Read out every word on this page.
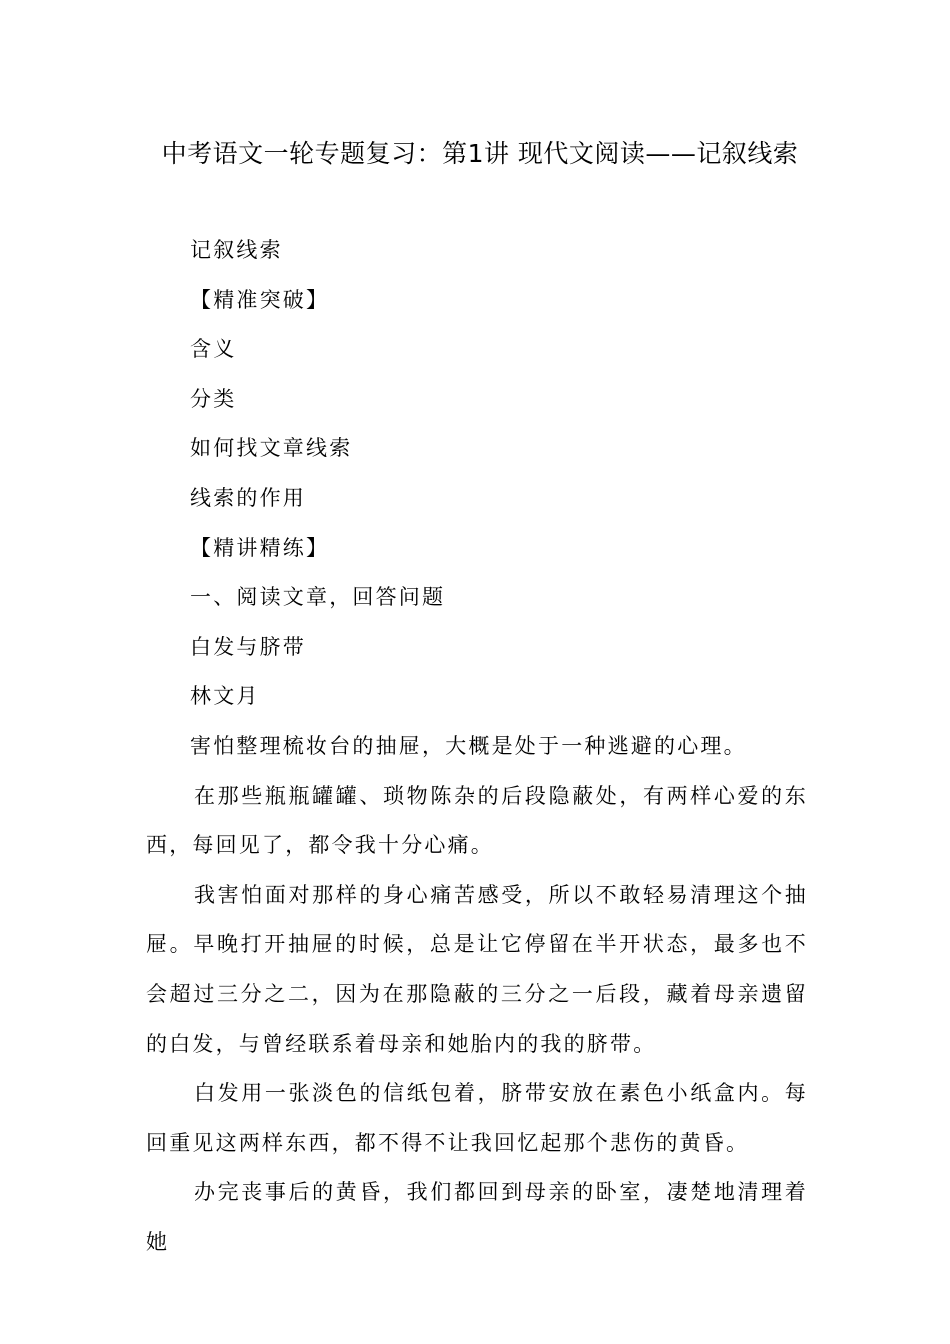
中考语文一轮专题复习：第1讲 现代文阅读——记叙线索

记叙线索

【精准突破】

含义

分类

如何找文章线索

线索的作用

【精讲精练】

一、阅读文章，回答问题

白发与脐带

林文月

害怕整理梳妆台的抽屉，大概是处于一种逃避的心理。

在那些瓶瓶罐罐、琐物陈杂的后段隐蔽处，有两样心爱的东西，每回见了，都令我十分心痛。

我害怕面对那样的身心痛苦感受，所以不敢轻易清理这个抽屉。早晚打开抽屉的时候，总是让它停留在半开状态，最多也不会超过三分之二，因为在那隐蔽的三分之一后段，藏着母亲遗留的白发，与曾经联系着母亲和她胎内的我的脐带。

白发用一张淡色的信纸包着，脐带安放在素色小纸盒内。每回重见这两样东西，都不得不让我回忆起那个悲伤的黄昏。

办完丧事后的黄昏，我们都回到母亲的卧室，凄楚地清理着她
